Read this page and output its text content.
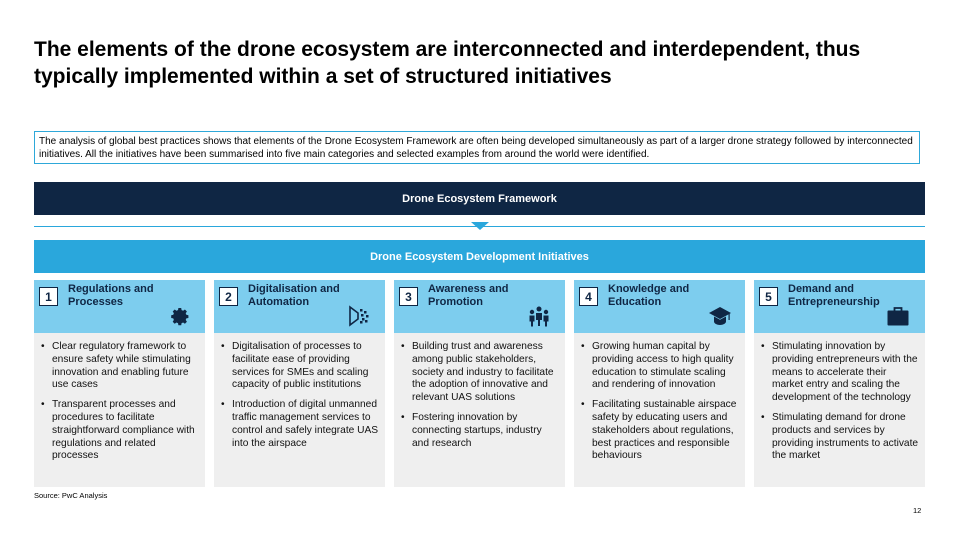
The elements of the drone ecosystem are interconnected and interdependent, thus typically implemented within a set of structured initiatives
The analysis of global best practices shows that elements of the Drone Ecosystem Framework are often being developed simultaneously as part of a larger drone strategy followed by interconnected initiatives. All the initiatives have been summarised into five main categories and selected examples from around the world were identified.
Drone Ecosystem Framework
Drone Ecosystem Development Initiatives
1
Regulations and Processes
• Clear regulatory framework to ensure safety while stimulating innovation and enabling future use cases
• Transparent processes and procedures to facilitate straightforward compliance with regulations and related processes
2
Digitalisation and Automation
• Digitalisation of processes to facilitate ease of providing services for SMEs and scaling capacity of public institutions
• Introduction of digital unmanned traffic management services to control and safely integrate UAS into the airspace
3
Awareness and Promotion
• Building trust and awareness among public stakeholders, society and industry to facilitate the adoption of innovative and relevant UAS solutions
• Fostering innovation by connecting startups, industry and research
4
Knowledge and Education
• Growing human capital by providing access to high quality education to stimulate scaling and rendering of innovation
• Facilitating sustainable airspace safety by educating users and stakeholders about regulations, best practices and responsible behaviours
5
Demand and Entrepreneurship
• Stimulating innovation by providing entrepreneurs with the means to accelerate their market entry and scaling the development of the technology
• Stimulating demand for drone products and services by providing instruments to activate the market
Source: PwC Analysis
12
